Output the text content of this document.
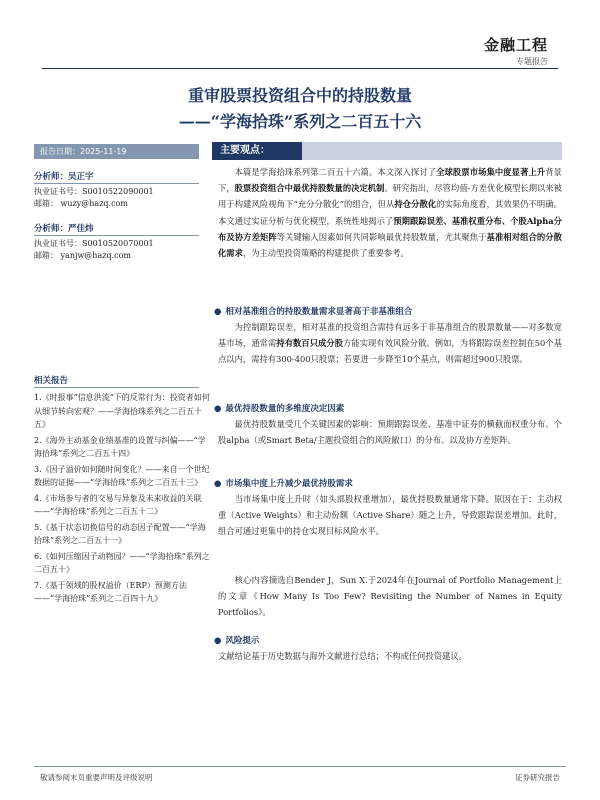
金融工程
专题报告
重审股票投资组合中的持股数量
——“学海拾珠”系列之二百五十六
报告日期：2025-11-19
分析师：吴正宇
执业证书号：S0010522090001
邮箱： wuzy@hazq.com
分析师：严佳炜
执业证书号：S0010520070001
邮箱： yanjw@hazq.com
相关报告
1.《时报事“信息洪流”下的反常行为：投资者如何从细节转向宏观？——学海拾珠系列之二百五十五》
2.《海外主动基金业绩基准的设置与纠偏——“学海拾珠”系列之二百五十四》
3.《因子溢价如何随时间变化？——来自一个世纪数据的证据——“学海拾珠”系列之二百五十三》
4.《市场参与者的交易与异象及未来收益的关联——“学海拾珠”系列之二百五十二》
5.《基于状态切换信号的动态因子配置——“学海拾珠”系列之二百五十一》
6.《如何压缩因子动物园？——“学海拾珠”系列之二百五十》
7.《基于领域的股权溢价（ERP）预测方法——“学海拾珠”系列之二百四十九》
主要观点：

本篇是学海拾珠系列第二百五十六篇。本文深入探讨了全球股票市场集中度显著上升背景下，股票投资组合中最优持股数量的决定机制。研究指出，尽管均值-方差优化模型长期以来被用于构建风险视角下“充分分散化”的组合，但从持仓分散化的实际角度看，其效果仍不明确。本文通过实证分析与优化模型，系统性地揭示了预期跟踪误差、基准权重分布、个股Alpha分布及协方差矩阵等关键输入因素如何共同影响最优持股数量，尤其聚焦于基准相对组合的分散化需求，为主动型投资策略的构建提供了重要参考。

● 相对基准组合的持股数量需求显著高于非基准组合

为控制跟踪误差，相对基准的投资组合需持有远多于非基准组合的股票数量——对多数宽基市场，通常需持有数百只成分股方能实现有效风险分散。例如，为将跟踪误差控制在50个基点以内，需持有300-400只股票；若要进一步降至10个基点，则需超过900只股票。

● 最优持股数量的多维度决定因素

最优持股数量受几个关键因素的影响：预期跟踪误差、基准中证券的横截面权重分布、个股alpha（或Smart Beta/主题投资组合的风险敞口）的分布、以及协方差矩阵。

● 市场集中度上升减少最优持股需求

当市场集中度上升时（如头部股权重增加），最优持股数量通常下降。原因在于：主动权重（Active Weights）和主动份额（Active Share）随之上升，导致跟踪误差增加。此时，组合可通过更集中的持仓实现目标风险水平。

核心内容摘选自Bender J，Sun X.于2024年在Journal of Portfolio Management上的文章《How Many Is Too Few? Revisiting the Number of Names in Equity Portfolios》。

● 风险提示

文献结论基于历史数据与海外文献进行总结；不构成任何投资建议。

敬请参阅末页重要声明及评级说明	证券研究报告
